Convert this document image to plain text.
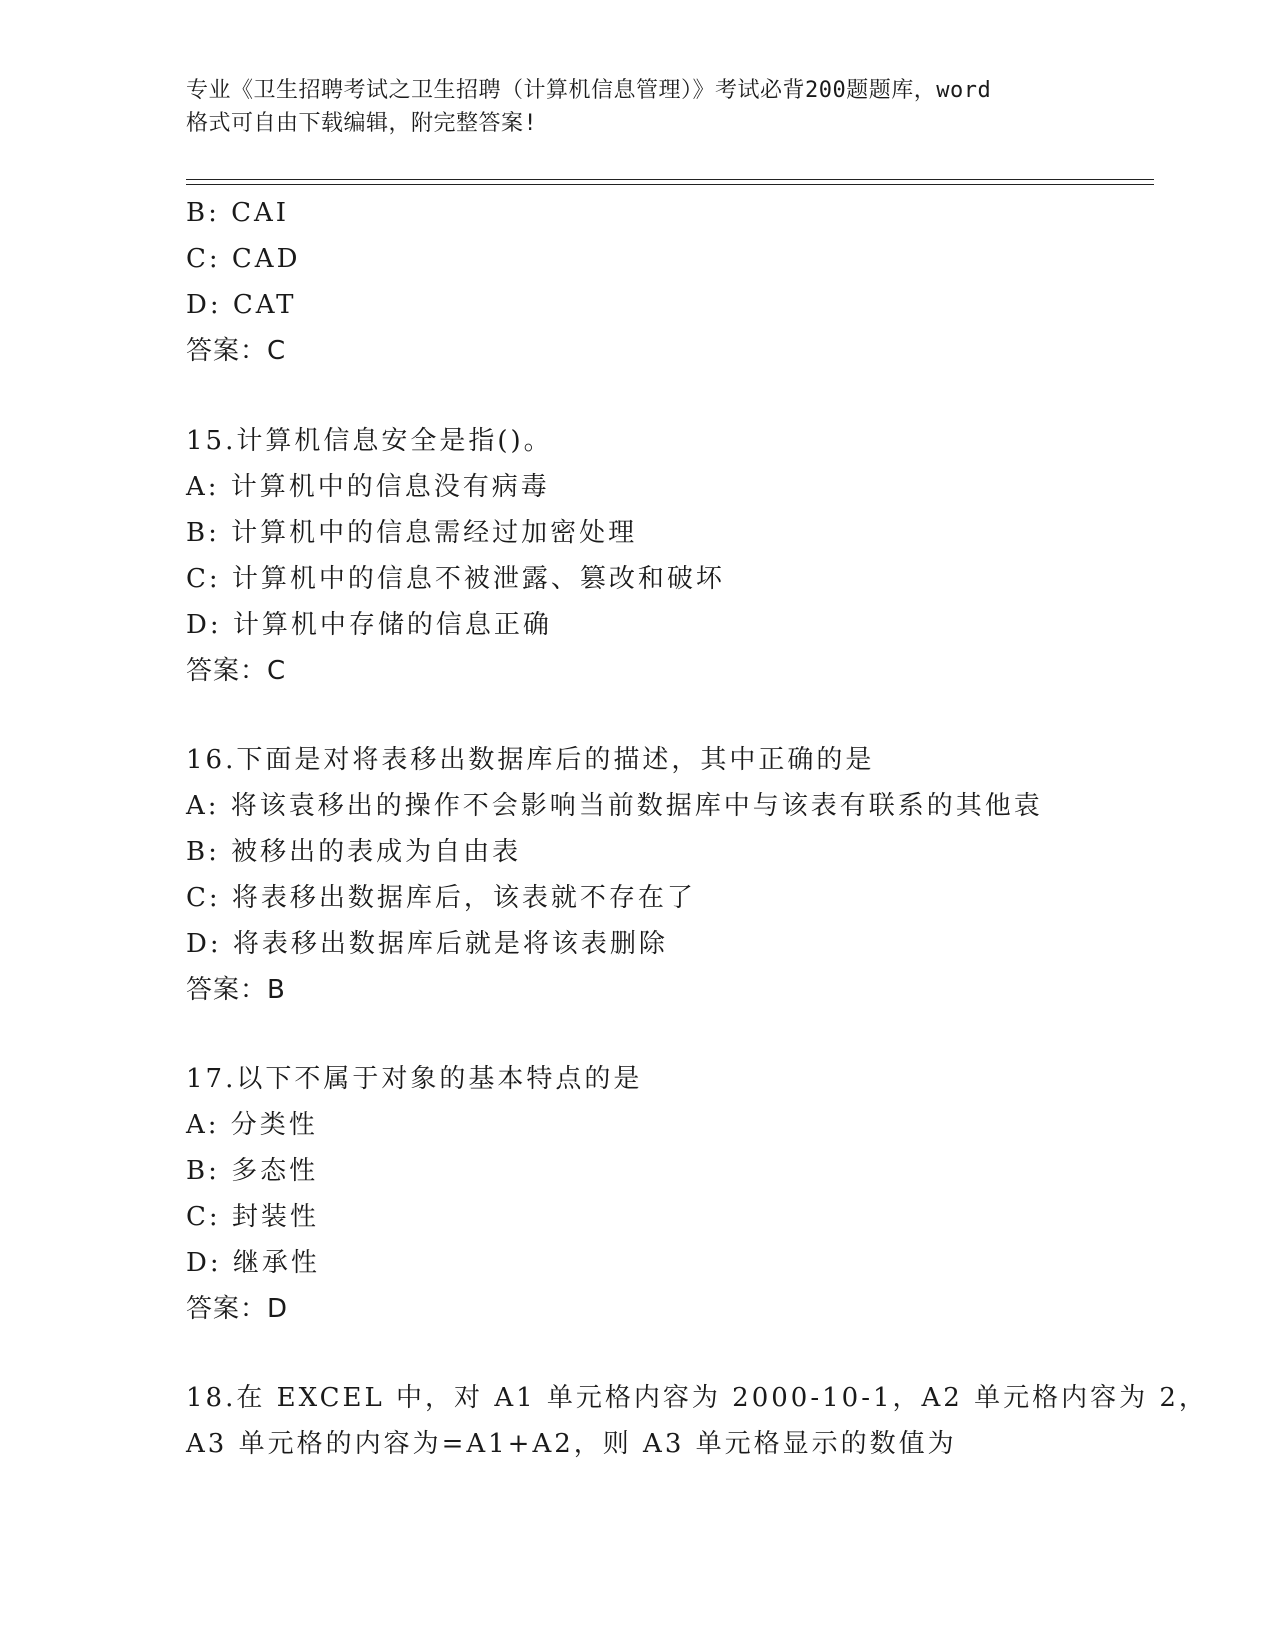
专业《卫生招聘考试之卫生招聘（计算机信息管理）》考试必背200题题库，word
格式可自由下载编辑，附完整答案!
B: CAI
C: CAD
D: CAT
答案：C
15.计算机信息安全是指()。
A: 计算机中的信息没有病毒
B: 计算机中的信息需经过加密处理
C: 计算机中的信息不被泄露、篡改和破坏
D: 计算机中存储的信息正确
答案：C
16.下面是对将表移出数据库后的描述，其中正确的是
A: 将该袁移出的操作不会影响当前数据库中与该表有联系的其他袁
B: 被移出的表成为自由表
C: 将表移出数据库后，该表就不存在了
D: 将表移出数据库后就是将该表删除
答案：B
17.以下不属于对象的基本特点的是
A: 分类性
B: 多态性
C: 封装性
D: 继承性
答案：D
18.在 EXCEL 中，对 A1 单元格内容为 2000-10-1，A2 单元格内容为 2，
A3 单元格的内容为=A1+A2，则 A3 单元格显示的数值为
